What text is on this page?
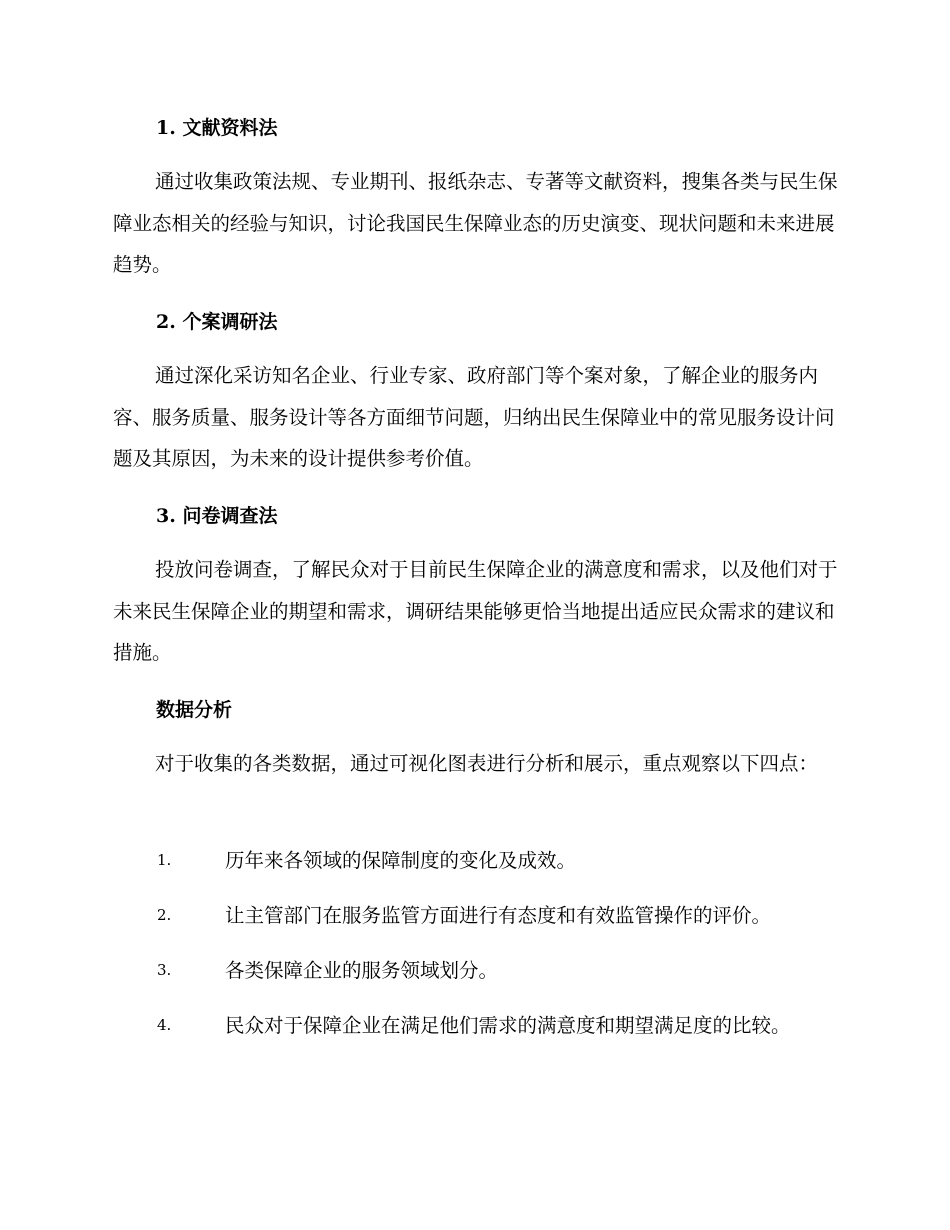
1. 文献资料法

通过收集政策法规、专业期刊、报纸杂志、专著等文献资料，搜集各类与民生保障业态相关的经验与知识，讨论我国民生保障业态的历史演变、现状问题和未来进展趋势。

2. 个案调研法

通过深化采访知名企业、行业专家、政府部门等个案对象，了解企业的服务内容、服务质量、服务设计等各方面细节问题，归纳出民生保障业中的常见服务设计问题及其原因，为未来的设计提供参考价值。

3. 问卷调查法

投放问卷调查，了解民众对于目前民生保障企业的满意度和需求，以及他们对于未来民生保障企业的期望和需求，调研结果能够更恰当地提出适应民众需求的建议和措施。

数据分析

对于收集的各类数据，通过可视化图表进行分析和展示，重点观察以下四点：

1.	历年来各领域的保障制度的变化及成效。
2.	让主管部门在服务监管方面进行有态度和有效监管操作的评价。
3.	各类保障企业的服务领域划分。
4.	民众对于保障企业在满足他们需求的满意度和期望满足度的比较。
